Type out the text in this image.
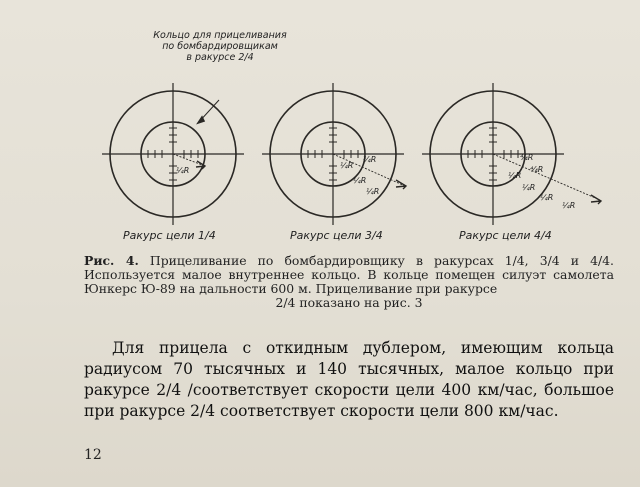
¼R
¾R
¼R
¼R
¼R
⁴⁄₄R
⁴⁄₄R
¼R
¼R
¼R
¼R
Кольцо для прицеливания
по бомбардировщикам
в ракурсе 2/4
Ракурс цели 1/4	Ракурс цели 3/4	Ракурс цели 4/4
Рис. 4. Прицеливание по бомбардировщику в ракурсах 1/4, 3/4 и 4/4. Используется малое внутреннее кольцо. В кольце помещен силуэт самолета Юнкерс Ю-89 на дальности 600 м. Прицеливание при ракурсе
2/4 показано на рис. 3
Для прицела с откидным дублером, имеющим кольца радиусом 70 тысячных и 140 тысячных, малое кольцо при ракурсе 2/4 /соответствует скорости цели 400 км/час, большое при ракурсе 2/4 соответствует скорости цели 800 км/час.
12
